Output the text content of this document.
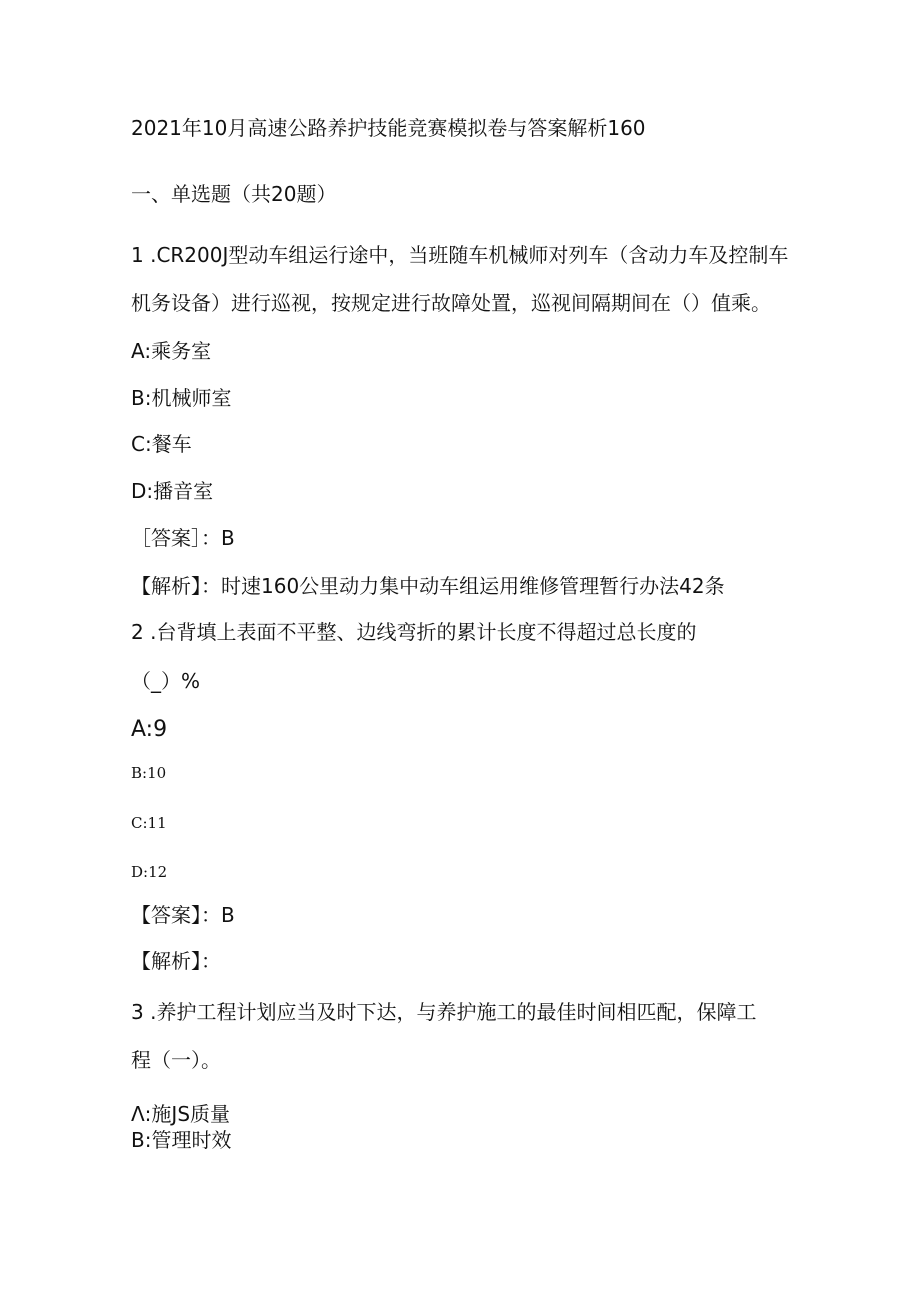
2021年10月高速公路养护技能竞赛模拟卷与答案解析160
一、单选题（共20题）
1 .CR200J型动车组运行途中，当班随车机械师对列车（含动力车及控制车
机务设备）进行巡视，按规定进行故障处置，巡视间隔期间在（）值乘。
A:乘务室
B:机械师室
C:餐车
D:播音室
［答案］：B
【解析】：时速160公里动力集中动车组运用维修管理暂行办法42条
2 .台背填上表面不平整、边线弯折的累计长度不得超过总长度的
（_）%
A:9
B:10
C:11
D:12
【答案】：B
【解析】：
3 .养护工程计划应当及时下达，与养护施工的最佳时间相匹配，保障工
程（一）。
Λ:施JS质量
B:管理时效
